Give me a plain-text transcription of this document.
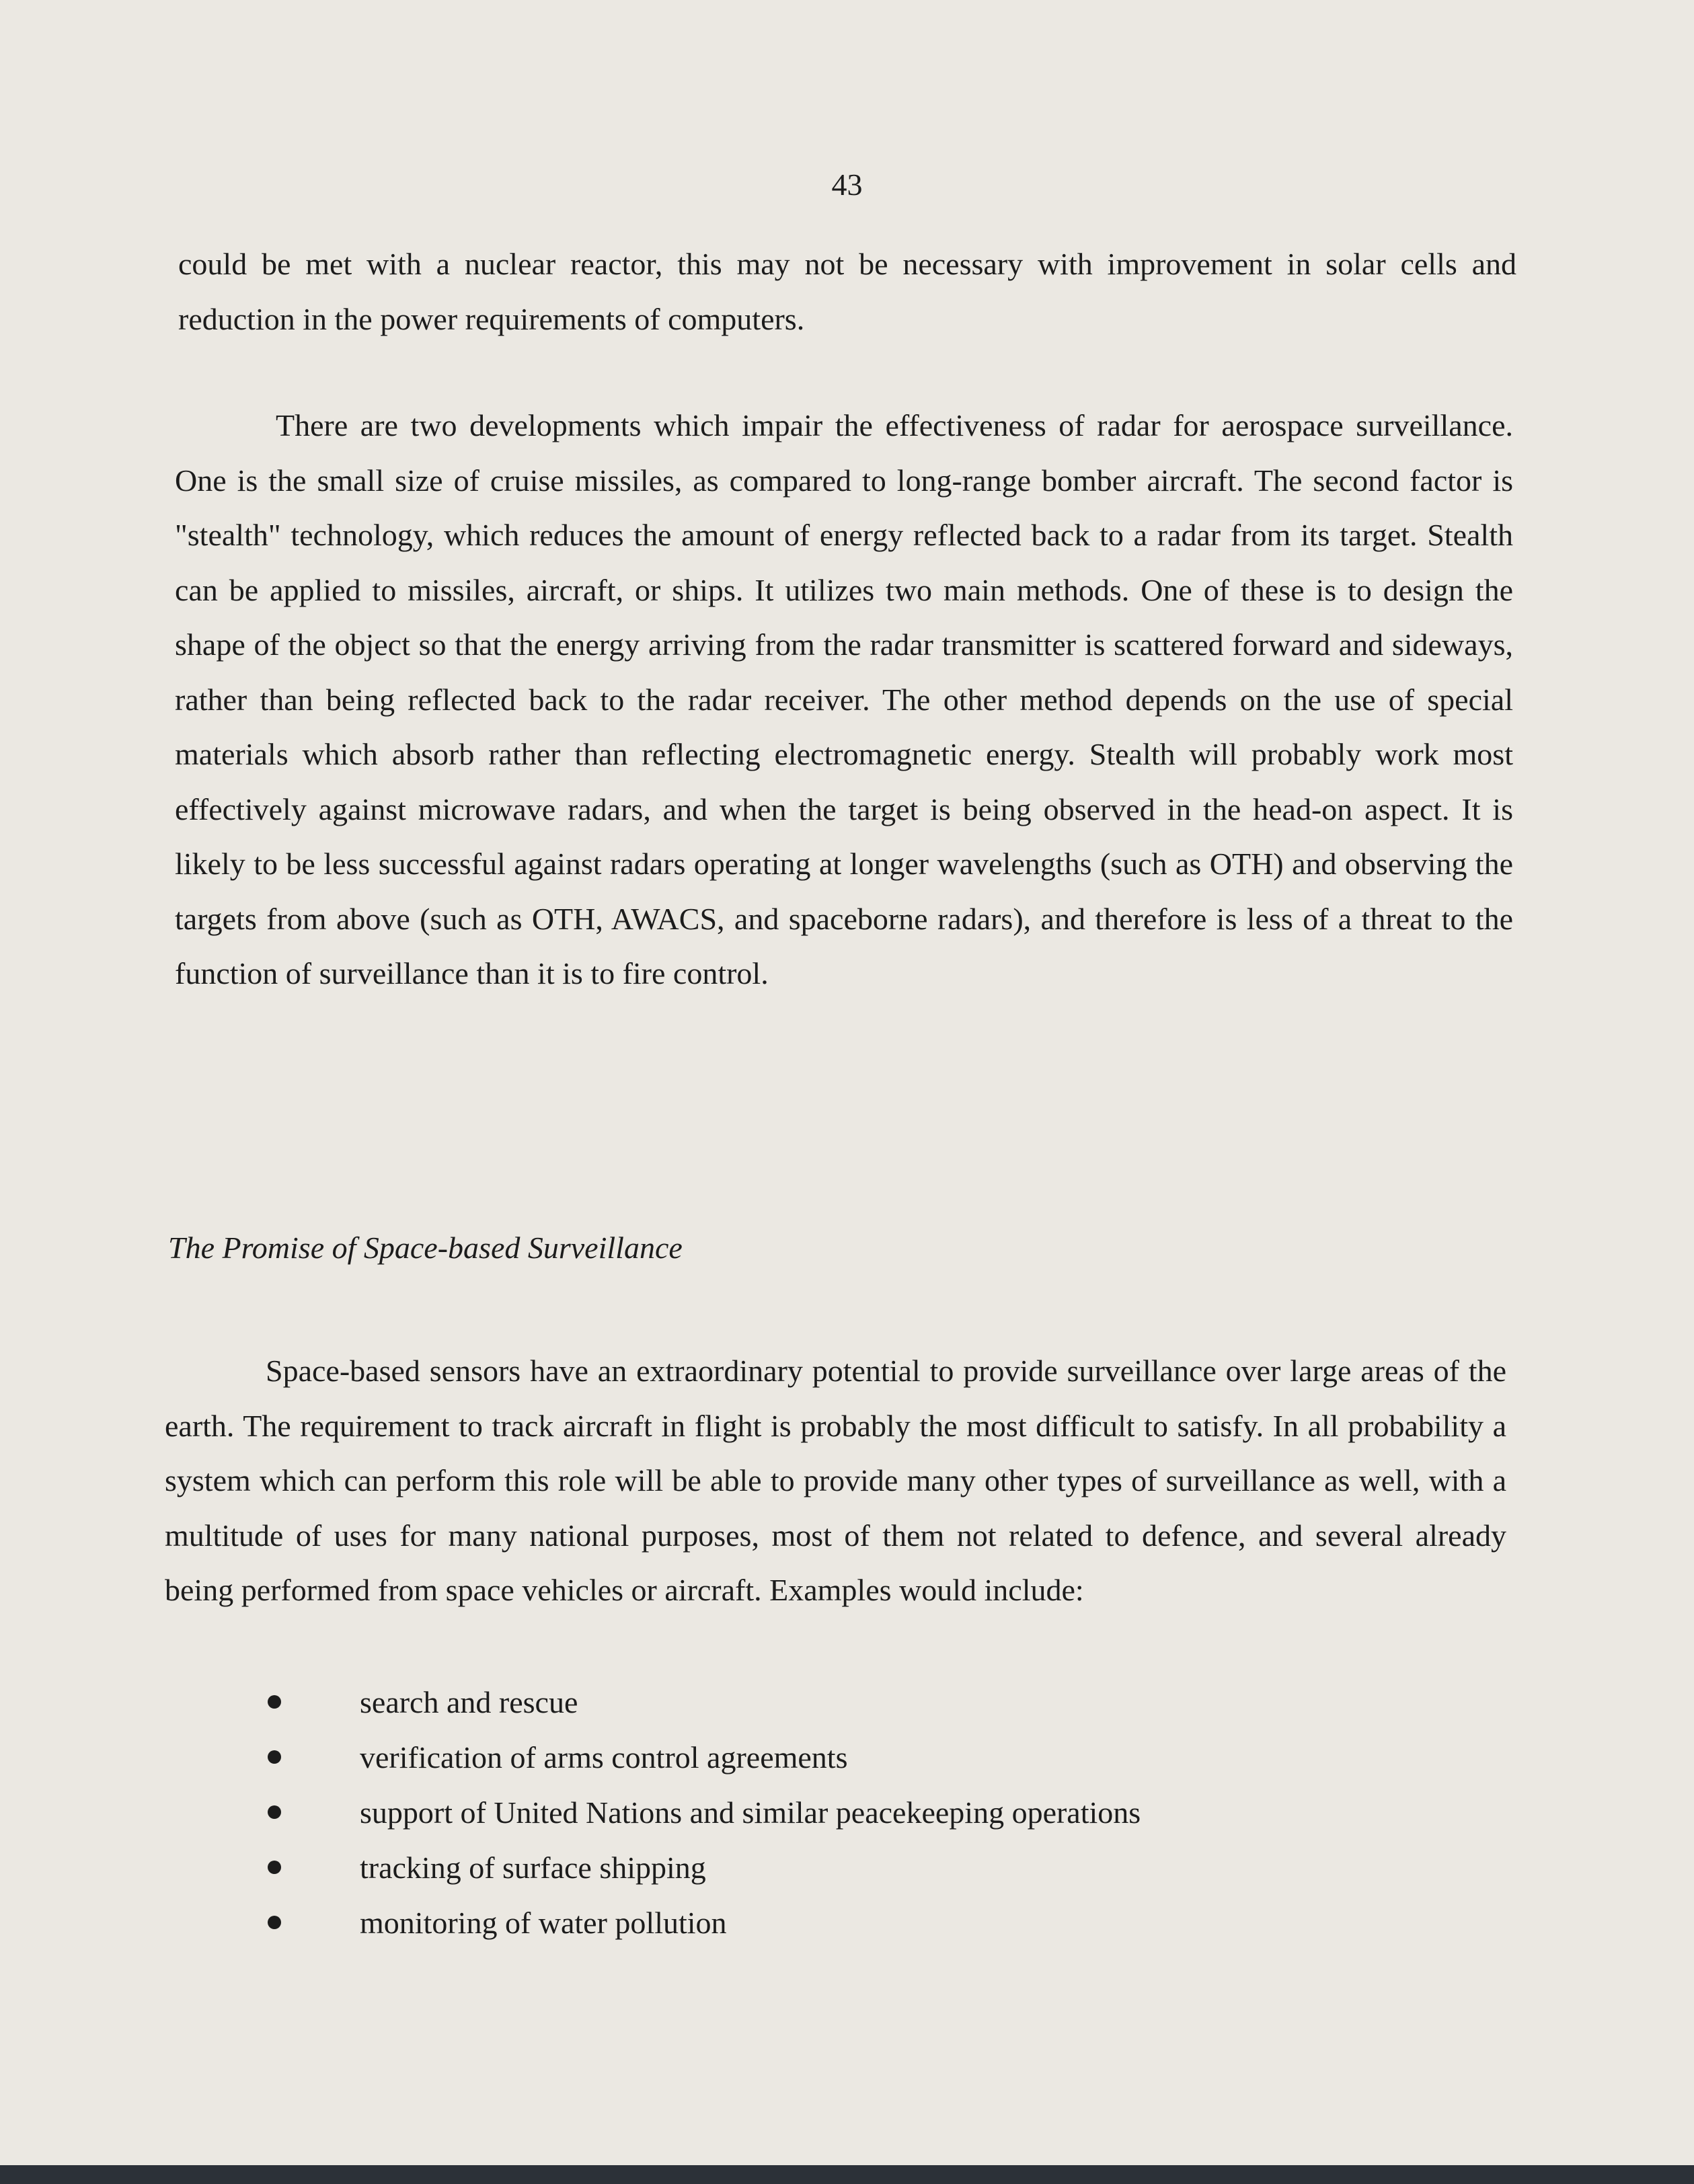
43

could be met with a nuclear reactor, this may not be necessary with improvement in solar cells and reduction in the power requirements of computers.

There are two developments which impair the effectiveness of radar for aerospace surveillance. One is the small size of cruise missiles, as compared to long-range bomber aircraft. The second factor is "stealth" technology, which reduces the amount of energy reflected back to a radar from its target. Stealth can be applied to missiles, aircraft, or ships. It utilizes two main methods. One of these is to design the shape of the object so that the energy arriving from the radar transmitter is scattered forward and sideways, rather than being reflected back to the radar receiver. The other method depends on the use of special materials which absorb rather than reflecting electromagnetic energy. Stealth will probably work most effectively against microwave radars, and when the target is being observed in the head-on aspect. It is likely to be less successful against radars operating at longer wavelengths (such as OTH) and observing the targets from above (such as OTH, AWACS, and spaceborne radars), and therefore is less of a threat to the function of surveillance than it is to fire control.

The Promise of Space-based Surveillance

Space-based sensors have an extraordinary potential to provide surveillance over large areas of the earth. The requirement to track aircraft in flight is probably the most difficult to satisfy. In all probability a system which can perform this role will be able to provide many other types of surveillance as well, with a multitude of uses for many national purposes, most of them not related to defence, and several already being performed from space vehicles or aircraft. Examples would include:

search and rescue
verification of arms control agreements
support of United Nations and similar peacekeeping operations
tracking of surface shipping
monitoring of water pollution
